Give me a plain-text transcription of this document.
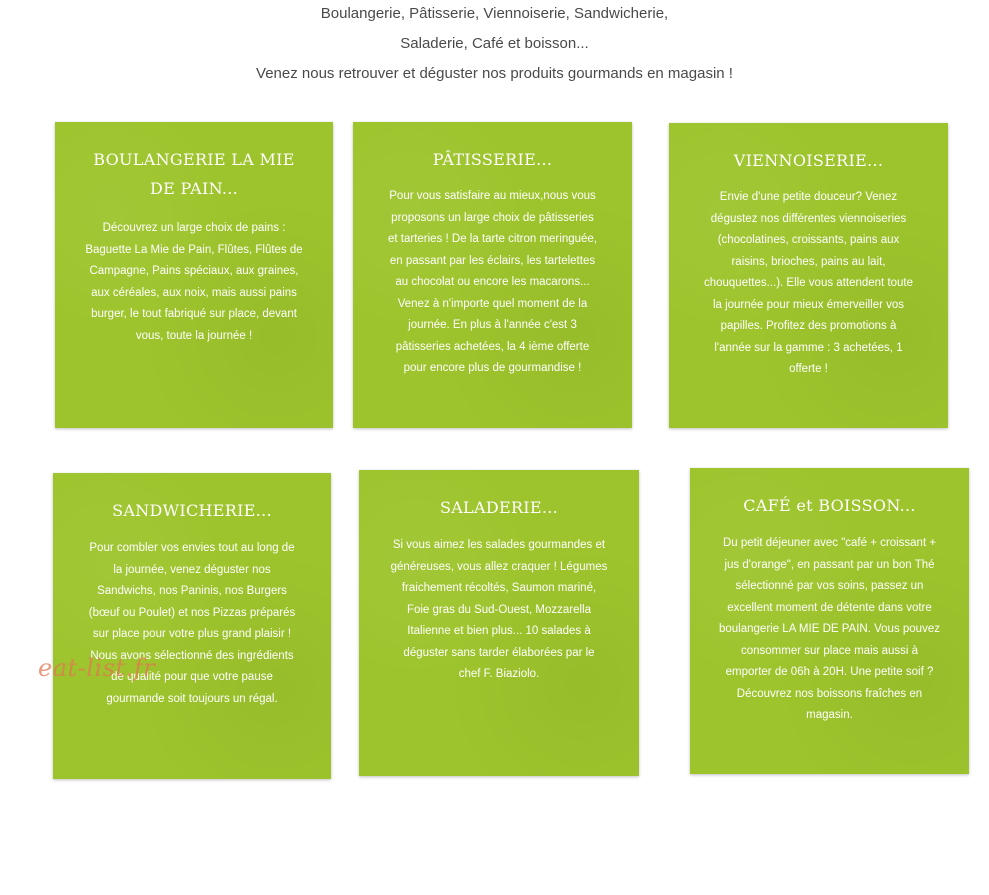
Boulangerie, Pâtisserie, Viennoiserie, Sandwicherie,
Saladerie, Café et boisson...
Venez nous retrouver et déguster nos produits gourmands en magasin !
BOULANGERIE LA MIE
DE PAIN...

Découvrez un large choix de pains :
Baguette La Mie de Pain, Flûtes, Flûtes de
Campagne, Pains spéciaux, aux graines,
aux céréales, aux noix, mais aussi pains
burger, le tout fabriqué sur place, devant
vous, toute la journée !

PÂTISSERIE...

Pour vous satisfaire au mieux,nous vous
proposons un large choix de pâtisseries
et tarteries ! De la tarte citron meringuée,
en passant par les éclairs, les tartelettes
au chocolat ou encore les macarons...
Venez à n'importe quel moment de la
journée. En plus à l'année c'est 3
pâtisseries achetées, la 4 ième offerte
pour encore plus de gourmandise !

VIENNOISERIE...

Envie d'une petite douceur? Venez
dégustez nos différentes viennoiseries
(chocolatines, croissants, pains aux
raisins, brioches, pains au lait,
chouquettes...). Elle vous attendent toute
la journée pour mieux émerveiller vos
papilles. Profitez des promotions à
l'année sur la gamme : 3 achetées, 1
offerte !

SANDWICHERIE...

Pour combler vos envies tout au long de
la journée, venez déguster nos
Sandwichs, nos Paninis, nos Burgers
(bœuf ou Poulet) et nos Pizzas préparés
sur place pour votre plus grand plaisir !
Nous avons sélectionné des ingrédients
de qualité pour que votre pause
gourmande soit toujours un régal.

SALADERIE...

Si vous aimez les salades gourmandes et
généreuses, vous allez craquer ! Légumes
fraichement récoltés, Saumon mariné,
Foie gras du Sud-Ouest, Mozzarella
Italienne et bien plus... 10 salades à
déguster sans tarder élaborées par le
chef F. Biaziolo.

CAFÉ et BOISSON...

Du petit déjeuner avec "café + croissant +
jus d'orange", en passant par un bon Thé
sélectionné par vos soins, passez un
excellent moment de détente dans votre
boulangerie LA MIE DE PAIN. Vous pouvez
consommer sur place mais aussi à
emporter de 06h à 20H. Une petite soif ?
Découvrez nos boissons fraîches en
magasin.

eat-list.fr
